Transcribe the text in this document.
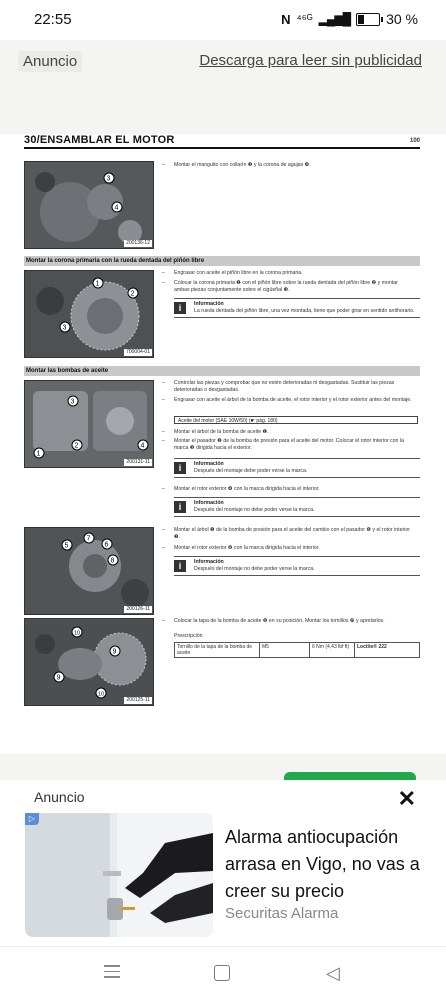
22:55	N ⁴⁶ᴳ ▂▄▆█	30 %
Anuncio	Descarga para leer sin publicidad
30/ENSAMBLAR EL MOTOR	100
3
4
200136-12
– Montar el manguito con collarín ❸ y la corona de agujas ❹.
Montar la corona primaria con la rueda dentada del piñón libre
1
2
3
700004-01
– Engrasar con aceite el piñón libre en la corona primaria.
– Colocar la corona primaria ❶ con el piñón libre sobre la rueda dentada del piñón libre ❷ y montar ambas piezas conjuntamente sobre el cigüeñal ❸.
i	Información
La rueda dentada del piñón libre, una vez montada, tiene que poder girar en sentido antihorario.
Montar las bombas de aceite
1
2
3
4
200131-11
– Controlar las piezas y comprobar que no estén deterioradas ni desgastadas. Sustituir las piezas deterioradas o desgastadas.
– Engrasar con aceite el árbol de la bomba de aceite, el rotor interior y el rotor exterior antes del montaje.
Aceite del motor (SAE 10W/50) (☛ pág. 180)
– Montar el árbol de la bomba de aceite ❶.
– Montar el pasador ❷ de la bomba de presión para el aceite del motor. Colocar el rotor interior con la marca ❸ dirigida hacia el exterior.
i	Información
Después del montaje debe poder verse la marca.
– Montar el rotor exterior ❹ con la marca dirigida hacia el interior.
i	Información
Después del montaje no debe poder verse la marca.
5	6
7
8
200126-11
– Montar el árbol ❺ de la bomba de presión para el aceite del cambio con el pasador ❻ y el rotor interior ❼.
– Montar el rotor exterior ❽ con la marca dirigida hacia el interior.
i	Información
Después del montaje no debe poder verse la marca.
10
9
9
10
200125-11
– Colocar la tapa de la bomba de aceite ❾ en su posición. Montar los tornillos ❿ y apretarlos.
Prescripción
Tornillo de la tapa de la bomba de aceite	M5	6 Nm (4,43 lbf ft)	Loctite® 222
Anuncio	✕
▷
Alarma antiocupación arrasa en Vigo, no vas a creer su precio
Securitas Alarma
◁
